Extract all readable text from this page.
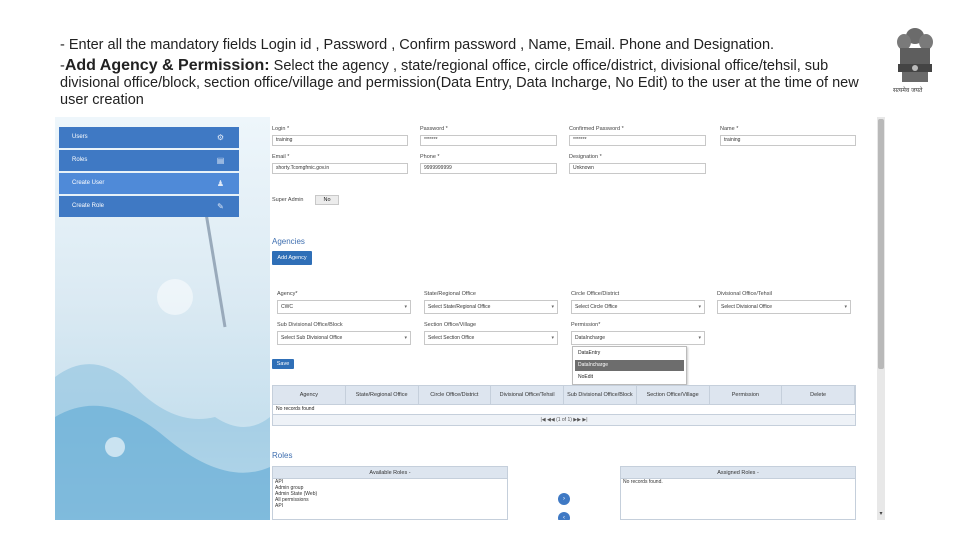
- Enter all the mandatory fields Login id , Password , Confirm password , Name, Email. Phone and Designation.
-Add Agency & Permission: Select the agency , state/regional office, circle office/district, divisional office/tehsil, sub divisional office/block, section office/village and permission(Data Entry, Data Incharge, No Edit) to the user at the time of new user creation
सत्यमेव जयते
Users	⚙
Roles	▤
Create User	♟
Create Role	✎
Login *
training
Password *
*******
Confirmed Password *
*******
Name *
training
Email *
shorty.Tcomgfrnic.gov.in
Phone *
9999999999
Designation *
Unknown
Super Admin	No
Agencies
Add Agency
Agency*
CWC	▾
State/Regional Office
Select State/Regional Office	▾
Circle Office/District
Select Circle Office	▾
Divisional Office/Tehsil
Select Divisional Office	▾
Sub Divisional Office/Block
Select Sub Divisional Office	▾
Section Office/Village
Select Section Office	▾
Permission*
DataIncharge	▾
DataEntry
DataIncharge
NoEdit
Save
Agency	State/Regional Office	Circle Office/District	Divisional Office/Tehsil	Sub Divisional Office/Block	Section Office/Village	Permission	Delete
No records found
|◀ ◀◀ (1 of 1) ▶▶ ▶|
Roles
Available Roles -
API
Admin group
Admin State (Web)
All permissions
API
›
‹
Assigned Roles -
No records found.
▾
